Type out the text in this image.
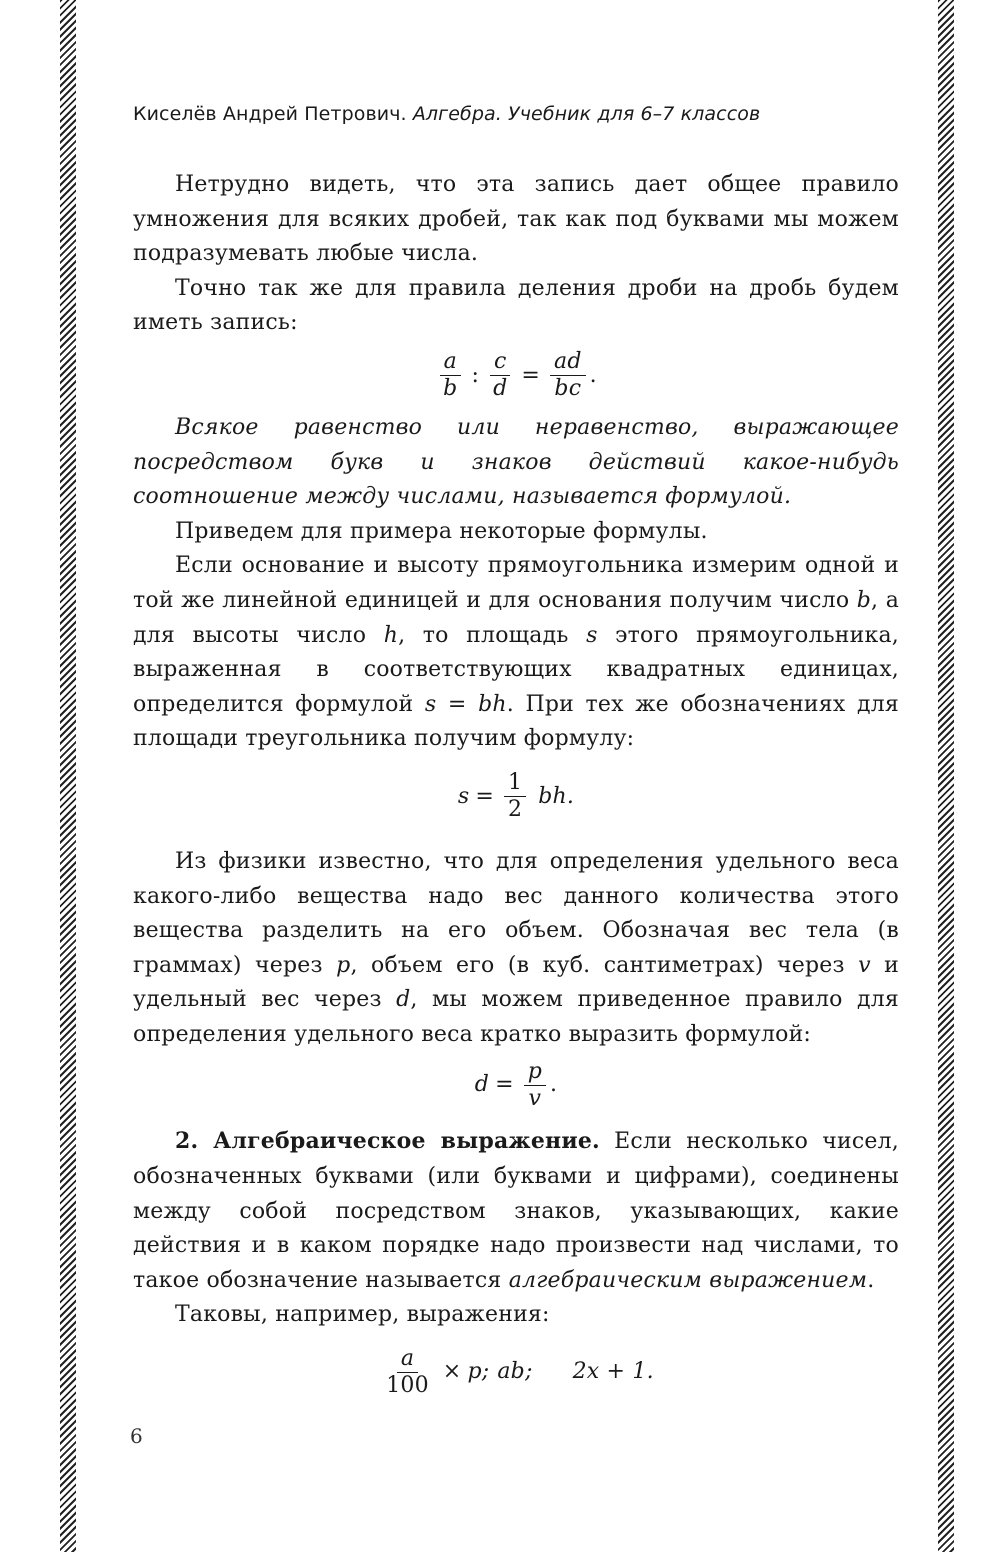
Киселёв Андрей Петрович. Алгебра. Учебник для 6–7 классов

Нетрудно видеть, что эта запись дает общее правило умножения для всяких дробей, так как под буквами мы можем подразумевать любые числа.

Точно так же для правила деления дроби на дробь будем иметь запись:

$\frac{a}{b}$ : $\frac{c}{d} = \frac{ad}{bc}$ .

Всякое равенство или неравенство, выражающее посредством букв и знаков действий какое-нибудь соотношение между числами, называется формулой.

Приведем для примера некоторые формулы.

Если основание и высоту прямоугольника измерим одной и той же линейной единицей и для основания получим число b, а для высоты число h, то площадь s этого прямоугольника, выраженная в соответствующих квадратных единицах, определится формулой s = bh. При тех же обозначениях для площади треугольника получим формулу:

$s = \frac{1}{2}$ bh.

Из физики известно, что для определения удельного веса какого-либо вещества надо вес данного количества этого вещества разделить на его объем. Обозначая вес тела (в граммах) через p, объем его (в куб. сантиметрах) через v и удельный вес через d, мы можем приведенное правило для определения удельного веса кратко выразить формулой:

$d = \frac{p}{v}$ .

2. Алгебраическое выражение. Если несколько чисел, обозначенных буквами (или буквами и цифрами), соединены между собой посредством знаков, указывающих, какие действия и в каком порядке надо произвести над числами, то такое обозначение называется алгебраическим выражением.

Таковы, например, выражения:

$\frac{a}{100} \times p$; ab; 2x + 1.
6
